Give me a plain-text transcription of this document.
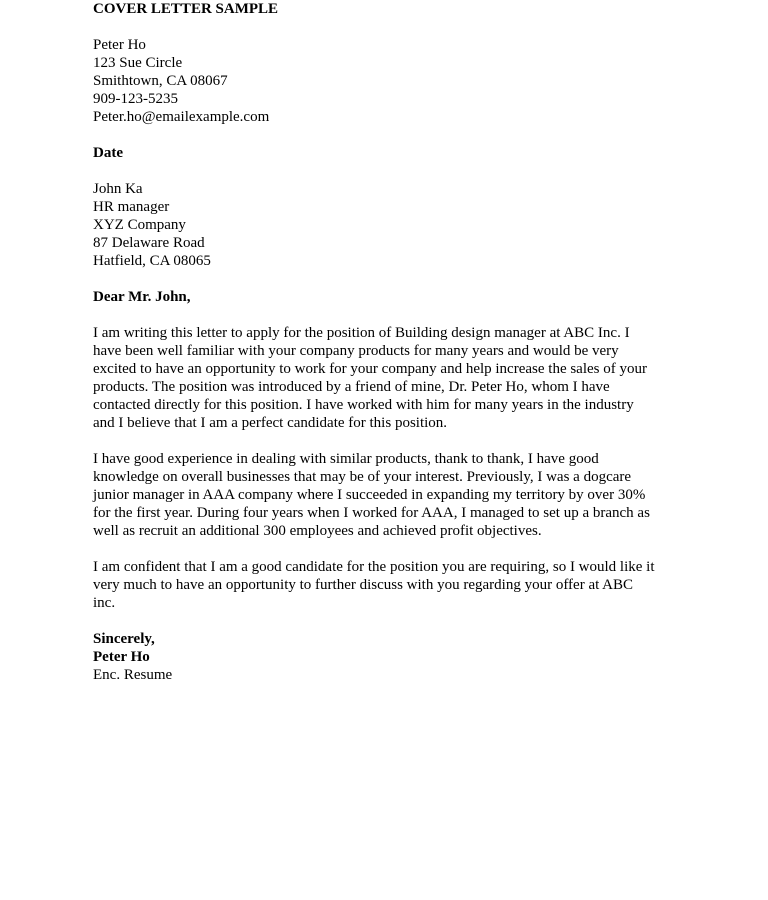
COVER LETTER SAMPLE
Peter Ho
123 Sue Circle
Smithtown, CA 08067
909-123-5235
Peter.ho@emailexample.com
Date
John Ka
HR manager
XYZ Company
87 Delaware Road
Hatfield, CA 08065
Dear Mr. John,
I am writing this letter to apply for the position of Building design manager at ABC Inc. I
have been well familiar with your company products for many years and would be very
excited to have an opportunity to work for your company and help increase the sales of your
products. The position was introduced by a friend of mine, Dr. Peter Ho, whom I have
contacted directly for this position. I have worked with him for many years in the industry
and I believe that I am a perfect candidate for this position.
I have good experience in dealing with similar products, thank to thank, I have good
knowledge on overall businesses that may be of your interest. Previously, I was a dogcare
junior manager in AAA company where I succeeded in expanding my territory by over 30%
for the first year. During four years when I worked for AAA, I managed to set up a branch as
well as recruit an additional 300 employees and achieved profit objectives.
I am confident that I am a good candidate for the position you are requiring, so I would like it
very much to have an opportunity to further discuss with you regarding your offer at ABC
inc.
Sincerely,
Peter Ho
Enc. Resume
